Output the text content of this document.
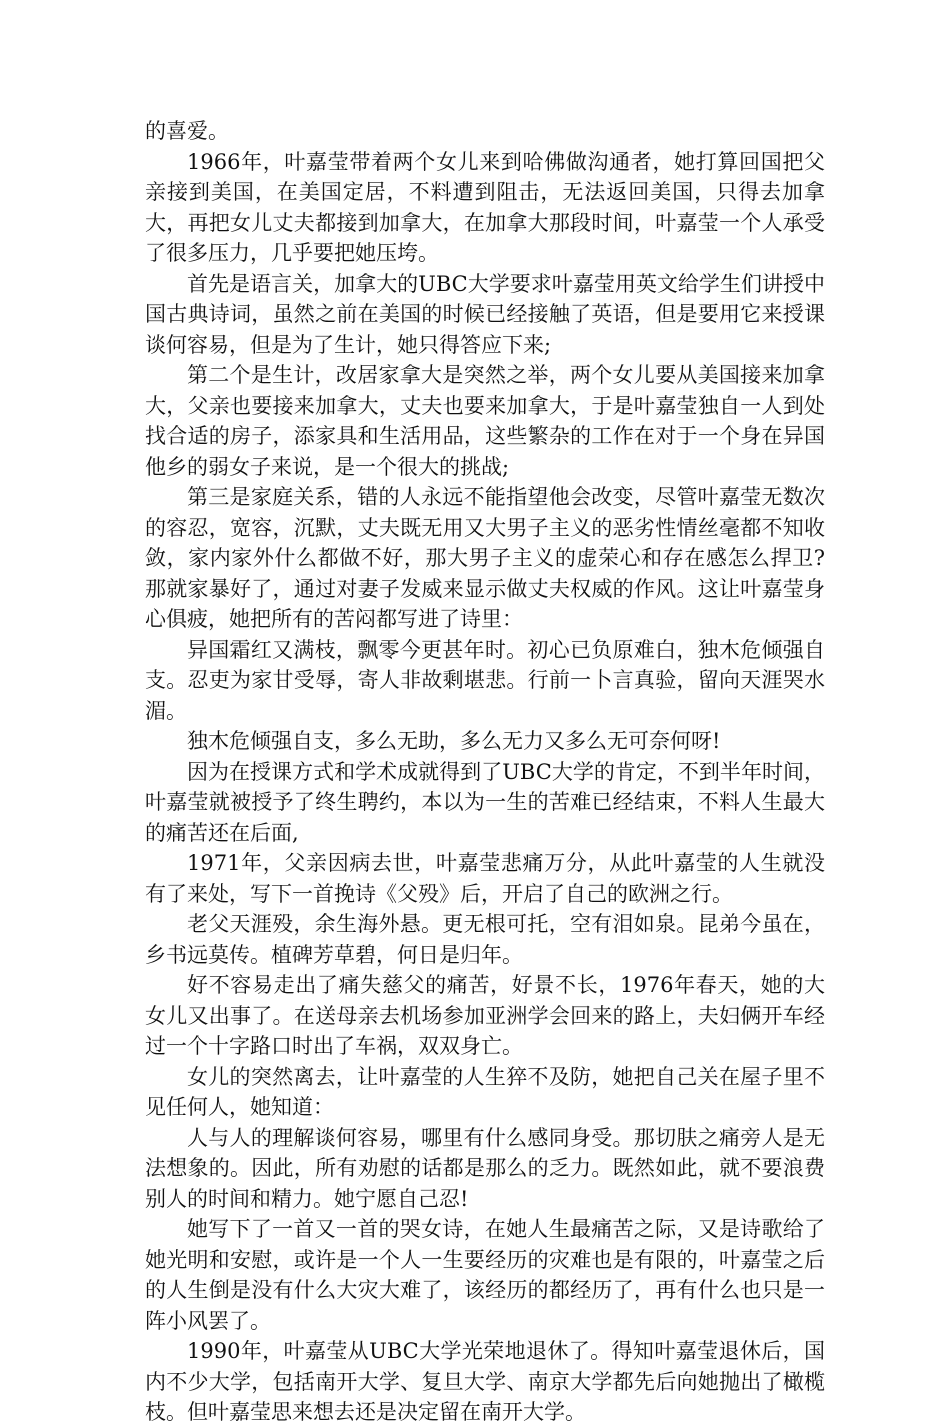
的喜爱。

1966年，叶嘉莹带着两个女儿来到哈佛做沟通者，她打算回国把父亲接到美国，在美国定居，不料遭到阻击，无法返回美国，只得去加拿大，再把女儿丈夫都接到加拿大，在加拿大那段时间，叶嘉莹一个人承受了很多压力，几乎要把她压垮。

首先是语言关，加拿大的UBC大学要求叶嘉莹用英文给学生们讲授中国古典诗词，虽然之前在美国的时候已经接触了英语，但是要用它来授课谈何容易，但是为了生计，她只得答应下来;

第二个是生计，改居家拿大是突然之举，两个女儿要从美国接来加拿大，父亲也要接来加拿大，丈夫也要来加拿大，于是叶嘉莹独自一人到处找合适的房子，添家具和生活用品，这些繁杂的工作在对于一个身在异国他乡的弱女子来说，是一个很大的挑战;

第三是家庭关系，错的人永远不能指望他会改变，尽管叶嘉莹无数次的容忍，宽容，沉默，丈夫既无用又大男子主义的恶劣性情丝毫都不知收敛，家内家外什么都做不好，那大男子主义的虚荣心和存在感怎么捍卫?那就家暴好了，通过对妻子发威来显示做丈夫权威的作风。这让叶嘉莹身心俱疲，她把所有的苦闷都写进了诗里：

异国霜红又满枝，飘零今更甚年时。初心已负原难白，独木危倾强自支。忍吏为家甘受辱，寄人非故剩堪悲。行前一卜言真验，留向天涯哭水湄。

独木危倾强自支，多么无助，多么无力又多么无可奈何呀!

因为在授课方式和学术成就得到了UBC大学的肯定，不到半年时间，叶嘉莹就被授予了终生聘约，本以为一生的苦难已经结束，不料人生最大的痛苦还在后面,

1971年，父亲因病去世，叶嘉莹悲痛万分，从此叶嘉莹的人生就没有了来处，写下一首挽诗《父殁》后，开启了自己的欧洲之行。

老父天涯殁，余生海外悬。更无根可托，空有泪如泉。昆弟今虽在，乡书远莫传。植碑芳草碧，何日是归年。

好不容易走出了痛失慈父的痛苦，好景不长，1976年春天，她的大女儿又出事了。在送母亲去机场参加亚洲学会回来的路上，夫妇俩开车经过一个十字路口时出了车祸，双双身亡。

女儿的突然离去，让叶嘉莹的人生猝不及防，她把自己关在屋子里不见任何人，她知道：

人与人的理解谈何容易，哪里有什么感同身受。那切肤之痛旁人是无法想象的。因此，所有劝慰的话都是那么的乏力。既然如此，就不要浪费别人的时间和精力。她宁愿自己忍!

她写下了一首又一首的哭女诗，在她人生最痛苦之际，又是诗歌给了她光明和安慰，或许是一个人一生要经历的灾难也是有限的，叶嘉莹之后的人生倒是没有什么大灾大难了，该经历的都经历了，再有什么也只是一阵小风罢了。

1990年，叶嘉莹从UBC大学光荣地退休了。得知叶嘉莹退休后，国内不少大学，包括南开大学、复旦大学、南京大学都先后向她抛出了橄榄枝。但叶嘉莹思来想去还是决定留在南开大学。
